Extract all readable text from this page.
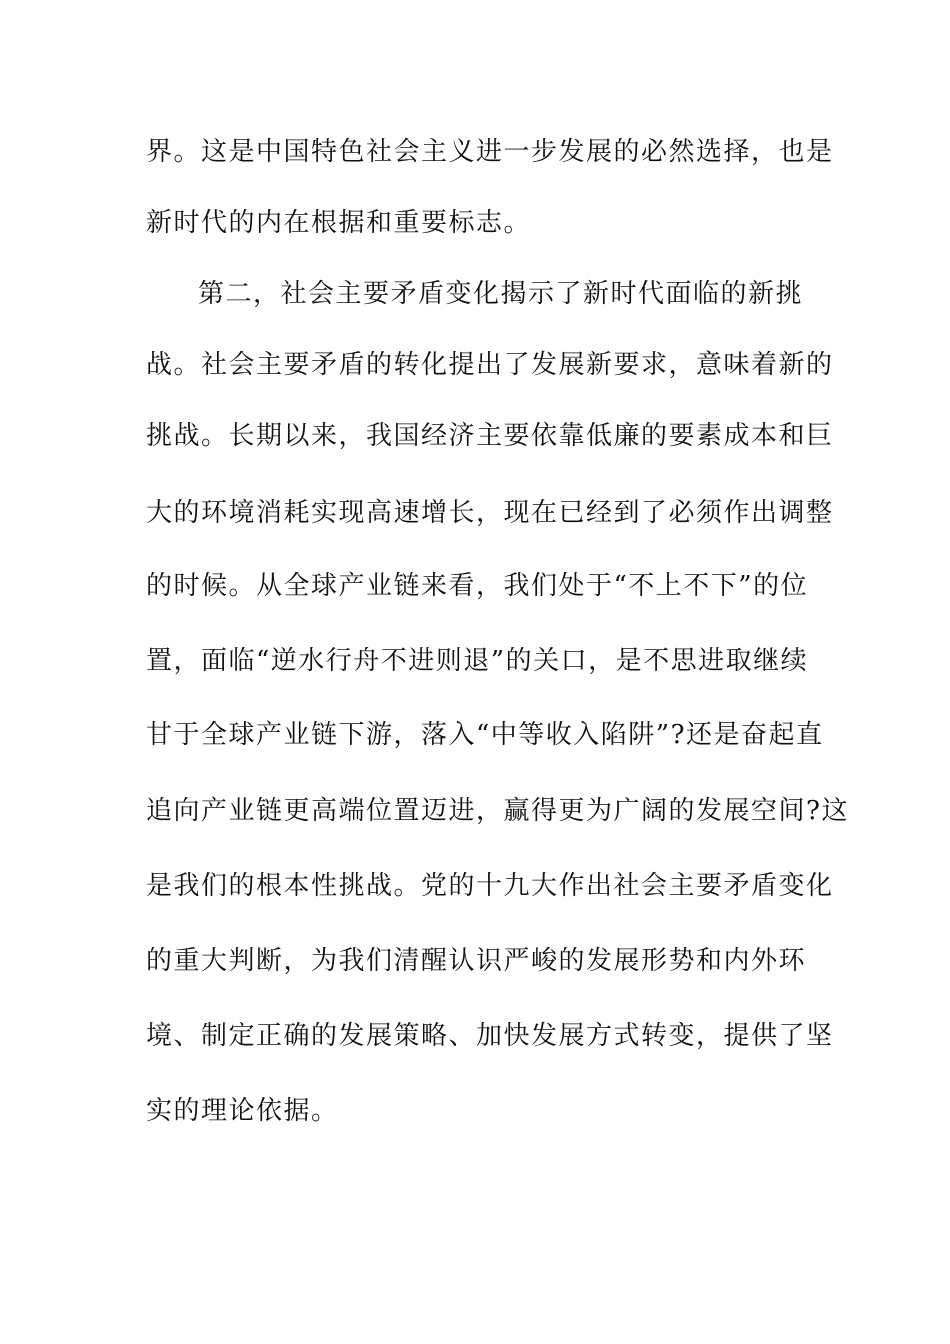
界。这是中国特色社会主义进一步发展的必然选择，也是
新时代的内在根据和重要标志。
第二，社会主要矛盾变化揭示了新时代面临的新挑
战。社会主要矛盾的转化提出了发展新要求，意味着新的
挑战。长期以来，我国经济主要依靠低廉的要素成本和巨
大的环境消耗实现高速增长，现在已经到了必须作出调整
的时候。从全球产业链来看，我们处于“不上不下”的位
置，面临“逆水行舟不进则退”的关口，是不思进取继续
甘于全球产业链下游，落入“中等收入陷阱”?还是奋起直
追向产业链更高端位置迈进，赢得更为广阔的发展空间?这
是我们的根本性挑战。党的十九大作出社会主要矛盾变化
的重大判断，为我们清醒认识严峻的发展形势和内外环
境、制定正确的发展策略、加快发展方式转变，提供了坚
实的理论依据。
